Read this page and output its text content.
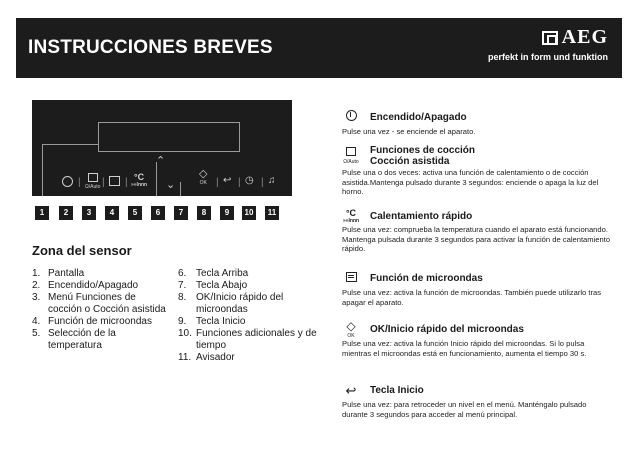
INSTRUCCIONES BREVES	AEG
perfekt in form und funktion
| Ω/Auto | | °C
»»Ιnnn
⌃
⌄
◇
OK | ↩ | ◷ | ♫
1	2	3	4	5	6	7	8	9	10	11
Zona del sensor
1. Pantalla
2. Encendido/Apagado
3. Menú Funciones de cocción o Cocción asistida
4. Función de microondas
5. Selección de la temperatura
6. Tecla Arriba
7. Tecla Abajo
8. OK/Inicio rápido del microondas
9. Tecla Inicio
10. Funciones adicionales y de tiempo
11. Avisador
Encendido/Apagado
Pulse una vez - se enciende el aparato.
Ω/Auto
Funciones de cocción
Cocción asistida
Pulse una o dos veces: activa una función de calentamiento o de cocción asistida.Mantenga pulsado durante 3 segundos: enciende o apaga la luz del horno.
°C
»»Ιnnn Calentamiento rápido
Pulse una vez: comprueba la temperatura cuando el aparato está funcionando. Mantenga pulsada durante 3 segundos para activar la función de calentamiento rápido.
Función de microondas
Pulse una vez: activa la función de microondas. También puede utilizarlo tras apagar el aparato.
◇
OK
OK/Inicio rápido del microondas
Pulse una vez: activa la función Inicio rápido del microondas. Si lo pulsa mientras el microondas está en funcionamiento, aumenta el tiempo 30 s.
↩	Tecla Inicio
Pulse una vez: para retroceder un nivel en el menú. Manténgalo pulsado durante 3 segundos para acceder al menú principal.
